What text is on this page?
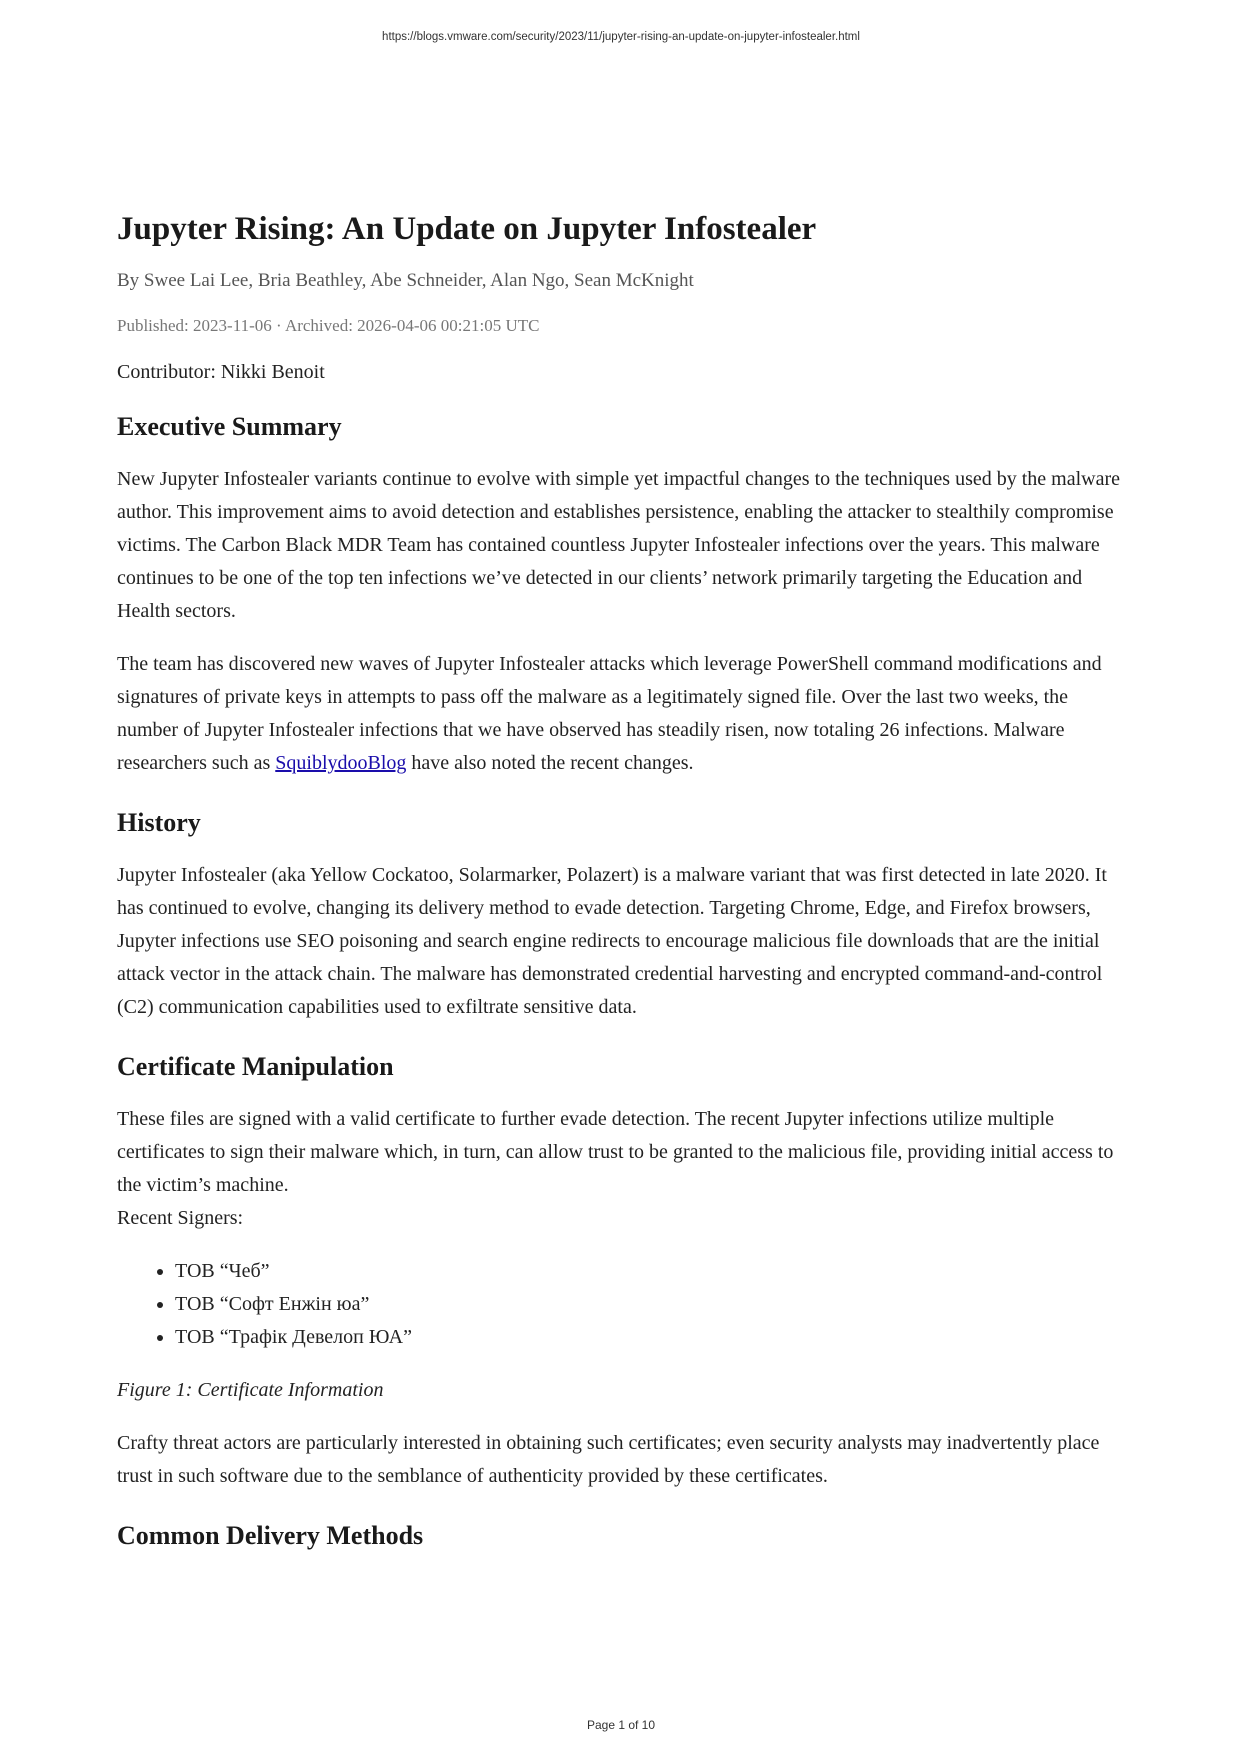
https://blogs.vmware.com/security/2023/11/jupyter-rising-an-update-on-jupyter-infostealer.html
Jupyter Rising: An Update on Jupyter Infostealer
By Swee Lai Lee, Bria Beathley, Abe Schneider, Alan Ngo, Sean McKnight
Published: 2023-11-06 · Archived: 2026-04-06 00:21:05 UTC
Contributor: Nikki Benoit
Executive Summary

New Jupyter Infostealer variants continue to evolve with simple yet impactful changes to the techniques used by the malware author. This improvement aims to avoid detection and establishes persistence, enabling the attacker to stealthily compromise victims. The Carbon Black MDR Team has contained countless Jupyter Infostealer infections over the years. This malware continues to be one of the top ten infections we’ve detected in our clients’ network primarily targeting the Education and Health sectors.

The team has discovered new waves of Jupyter Infostealer attacks which leverage PowerShell command modifications and signatures of private keys in attempts to pass off the malware as a legitimately signed file. Over the last two weeks, the number of Jupyter Infostealer infections that we have observed has steadily risen, now totaling 26 infections. Malware researchers such as SquiblydooBlog have also noted the recent changes.

History

Jupyter Infostealer (aka Yellow Cockatoo, Solarmarker, Polazert) is a malware variant that was first detected in late 2020. It has continued to evolve, changing its delivery method to evade detection. Targeting Chrome, Edge, and Firefox browsers, Jupyter infections use SEO poisoning and search engine redirects to encourage malicious file downloads that are the initial attack vector in the attack chain. The malware has demonstrated credential harvesting and encrypted command-and-control (C2) communication capabilities used to exfiltrate sensitive data.

Certificate Manipulation

These files are signed with a valid certificate to further evade detection. The recent Jupyter infections utilize multiple certificates to sign their malware which, in turn, can allow trust to be granted to the malicious file, providing initial access to the victim’s machine.

Recent Signers:
• ТОВ “Чеб”
• ТОВ “Софт Енжін юа”
• ТОВ “Трафік Девелоп ЮА”
Figure 1: Certificate Information

Crafty threat actors are particularly interested in obtaining such certificates; even security analysts may inadvertently place trust in such software due to the semblance of authenticity provided by these certificates.

Common Delivery Methods
Page 1 of 10
